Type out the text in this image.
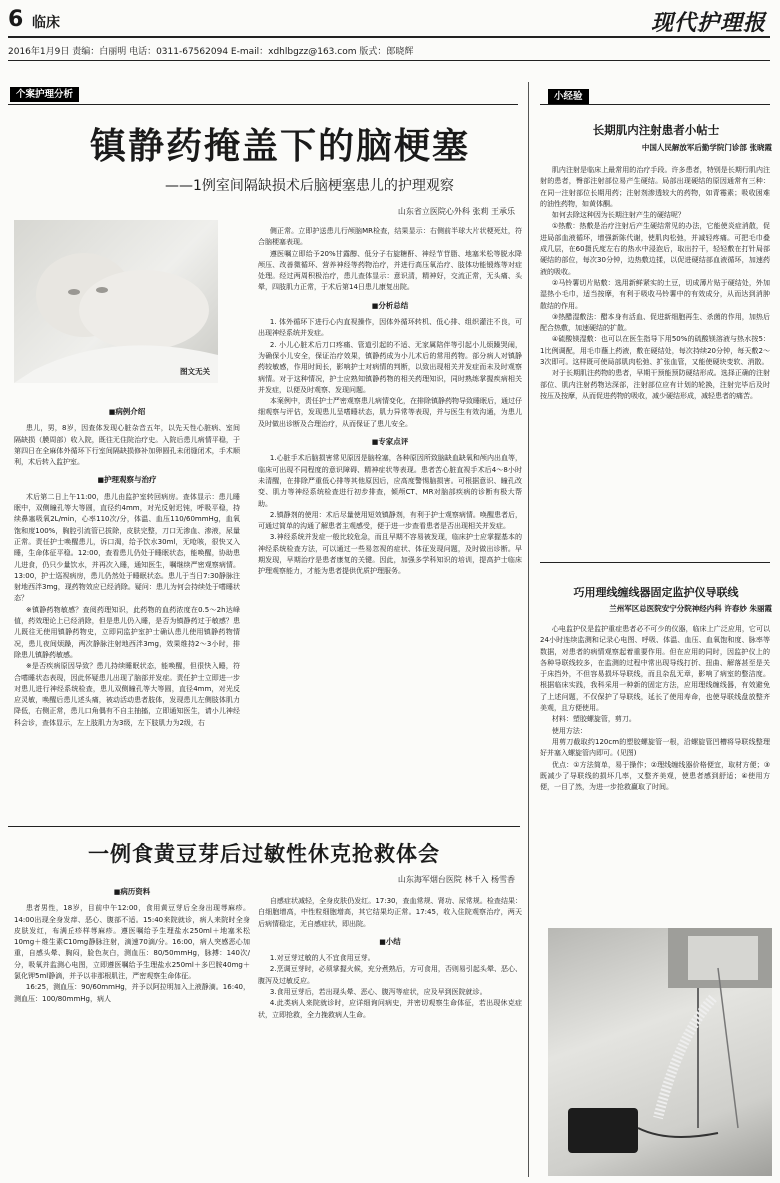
6 临床	现代护理报
2016年1月9日 责编：白丽明 电话：0311-67562094 E-mail：xdhlbgzz@163.com 版式：郎晓辉
个案护理分析	小经验
镇静药掩盖下的脑梗塞
——1例室间隔缺损术后脑梗塞患儿的护理观察
山东省立医院心外科 张莉 王承乐
图文无关
■ 病例介绍

患儿，男，8岁，因查体发现心脏杂音五年，以先天性心脏病、室间隔缺损（膜周部）收入院，既往无住院治疗史。入院后患儿病情平稳，于第四日在全麻体外循环下行室间隔缺损修补加卵圆孔未闭缝闭术，手术顺利，术后转入监护室。

■ 护理观察与治疗

术后第二日上午11:00，患儿由监护室转回病房。查体显示：患儿睡眠中，双侧瞳孔等大等圆，直径约4mm，对光反射迟钝，呼吸平稳，持续鼻塞吸氧2L/min，心率110次/分，体温、血压110/60mmHg，血氧饱和度100%，胸腔引流管已拔除，皮肤完整，刀口无渗血、渗液，尿量正常。责任护士唤醒患儿，诉口渴，给予饮水30ml，无呛咳，很快又入睡，生命体征平稳。12:00，查看患儿仍处于睡眠状态，能唤醒，协助患儿进食，仍只少量饮水，并再次入睡，通知医生，嘱继续严密观察病情。13:00，护士巡视病房，患儿仍然处于睡眠状态。患儿于当日7:30静脉注射地西泮3mg，现药物效应已经消除。疑问：患儿为何会持续处于嗜睡状态？

※镇静药物敏感？查阅药理知识，此药物的血药浓度在0.5～2h达峰值，药效理论上已经消除，但是患儿仍入睡，是否为镇静药过于敏感？患儿既往无使用镇静药物史，立即同监护室护士确认患儿使用镇静药物情况，患儿夜间烦躁，两次静脉注射地西泮3mg，效果维持2～3小时，排除患儿镇静药敏感。

※是否疾病原因导致？患儿持续睡眠状态，能唤醒，但很快入睡，符合嗜睡状态表现，因此怀疑患儿出现了脑部并发症。责任护士立即进一步对患儿进行神经系统检查，患儿双侧瞳孔等大等圆，直径4mm，对光反应灵敏，唤醒后患儿述头痛，被动活动患者肢体，发现患儿左侧肢体肌力降低，右侧正常，患儿口角偶有不自主抽搐，立即通知医生，请小儿神经科会诊，查体显示，左上肢肌力为3级，左下肢肌力为2级，右

侧正常。立即护送患儿行颅脑MR检查，结果显示：右侧前半球大片状梗死灶，符合脑梗塞表现。

遵医嘱立即给予20%甘露醇、低分子右旋糖酐、神经节苷脂、地塞米松等脱水降颅压、改善微循环、营养神经等药物治疗，并进行高压氧治疗、肢体功能锻炼等对症处理。经过两周积极治疗，患儿查体显示：意识清，精神好，交流正常，无头痛、头晕，四肢肌力正常，于术后第14日患儿康复出院。

■ 分析总结

1. 体外循环下进行心内直视操作，因体外循环转机、低心排、组织灌注不良，可出现神经系统并发症。

2. 小儿心脏术后刀口疼痛、管道引起的不适、无家属陪伴等引起小儿烦躁哭闹，为确保小儿安全，保证治疗效果，镇静药成为小儿术后的常用药物。部分病人对镇静药较敏感，作用时间长，影响护士对病情的判断，以致出现相关并发症而未及时观察病情。对于这种情况，护士应熟知镇静药物的相关药理知识，同时熟练掌握疾病相关并发症，以便及时观察、发现问题。

本案例中，责任护士严密观察患儿病情变化，在排除镇静药物导致睡眠后，通过仔细观察与评估，发现患儿呈嗜睡状态，肌力异常等表现，并与医生有效沟通，为患儿及时做出诊断及合理治疗，从而保证了患儿安全。

■ 专家点评

1.心脏手术后脑损害常见原因是脑栓塞，各种原因所致脑缺血缺氧和颅内出血等，临床可出现不同程度的意识障碍、精神症状等表现。患者苦心脏直视手术后4～8小时未清醒，在排除严重低心排等其他原因后，应高度警惕脑损害。可根据意识、瞳孔改变、肌力等神经系统检查进行初步排查，倾颅CT、MR对脑部疾病的诊断有极大帮助。

2.镇静剂的使用：术后尽量使用短效镇静剂，有利于护士观察病情。唤醒患者后，可通过简单的沟通了解患者主观感受，便于进一步查看患者是否出现相关并发症。

3.神经系统并发症一般比较危急，而且早期不容易被发现，临床护士应掌握基本的神经系统检查方法，可以通过一些易忽视的症状、体征发现问题，及时做出诊断。早期发现，早期治疗是患者康复的关键。因此，加强多学科知识的培训，提高护士临床护理观察能力，才能为患者提供优质护理服务。

一例食黄豆芽后过敏性休克抢救体会
山东海军烟台医院 林千入 杨雪香
■ 病历资料

患者男性，18岁，目前中午12:00，食用黄豆芽后全身出现荨麻疹。14:00出现全身发痒、恶心、腹部不适。15:40来院就诊，病人来院时全身皮肤发红，布满丘疹样荨麻疹。遵医嘱给予生理盐水250ml＋地塞米松10mg＋维生素C10mg静脉注射，滴速70滴/分。16:00，病人突感恶心加重，自感头晕、胸闷，脸色灰白，测血压：80/50mmHg，脉搏：140次/分，吸氧并监测心电图，立即遵医嘱给予生理盐水250ml＋多巴胺40mg＋氯化钾5ml静滴，并予以非那根肌注，严密观察生命体征。

16:25，测血压：90/60mmHg，并予以阿拉明加入上液静滴。16:40，测血压：100/80mmHg，病人

自感症状减轻，全身皮肤仍发红。17:30，查血常规、肾功、尿常规。检查结果：白细胞增高，中性粒细胞增高，其它结果均正常。17:45，收入住院观察治疗，两天后病情稳定，无自感症状，即出院。

■ 小结

1.对豆芽过敏的人不宜食用豆芽。

2.烹调豆芽时，必须掌握火候，充分煮熟后，方可食用，否则易引起头晕、恶心、腹泻及过敏反应。

3.食用豆芽后，若出现头晕、恶心、腹泻等症状，应及早到医院就诊。

4.此类病人来院就诊时，应详细询问病史，并密切观察生命体征，若出现休克症状，立即抢救，全力挽救病人生命。

长期肌内注射患者小帖士
中国人民解放军后勤学院门诊部 张晓霞

肌内注射是临床上最常用的治疗手段。许多患者，特别是长期行肌内注射的患者，臀部注射部位易产生硬结。局部出现硬结的原因通常有三种：在同一注射部位长期用药；注射剂渗透较大的药物，如青霉素；吸收困难的油性药物，如黄体酮。

如何去除这种因为长期注射产生的硬结呢？

①热敷：热敷是治疗注射后产生硬结常见的办法，它能使炎症消散，促进局部血液循环，增强新陈代谢，使肌肉松弛，并减轻疼痛。可把毛巾叠成几层，在60摄氏度左右的热水中浸泡后，取出拧干，轻轻敷在打针局部硬结的部位，每次30分钟，边热敷边揉，以促进硬结部血液循环，加速药液的吸收。

②马铃薯切片贴敷：选用新鲜紧实的土豆，切成薄片贴于硬结处，外加湿热小毛巾，适当按摩，有利于吸收马铃薯中的有效成分，从而达到消肿散结的作用。

③热醋湿敷法：醋本身有活血、促进新细胞再生、杀菌的作用，加热后配合热敷，加速硬结的扩散。

④硫酸镁湿敷：也可以在医生指导下用50%的硫酸镁溶液与热水按5：1比例调配，用毛巾蘸上药液，敷在硬结处，每次持续20分钟，每天敷2～3次即可。这样既可使局部肌肉松弛、扩张血管，又能使硬块变软、消散。

对于长期肌注药物的患者，早期干预能预防硬结形成。选择正确的注射部位、肌内注射药物达深部，注射部位应有计划的轮换，注射完毕后及时按压及按摩，从而促进药物的吸收，减少硬结形成，减轻患者的痛苦。

巧用理线缠线器固定监护仪导联线
兰州军区总医院安宁分院神经内科 许春妙 朱丽霞

心电监护仪是监护重症患者必不可少的仪器，临床上广泛应用，它可以24小时连续监测和记录心电图、呼吸、体温、血压、血氧饱和度、脉率等数据，对患者的病情观察起着重要作用。但在应用的同时，因监护仪上的各种导联线较多，在监测的过程中常出现导线打折、扭曲、解落甚至是关于床挡外，不但容易损坏导联线，而且杂乱无章，影响了病室的整洁度。根据临床实践，我科采用一种新的固定方法，应用理线缠线器，有效避免了上述问题，不仅保护了导联线，延长了使用寿命，也使导联线盘放整齐美观，且方便使用。

材料：塑胶螺旋管，剪刀。

使用方法：

用剪刀截取约120cm的塑胶螺旋管一根，沿螺旋管凹槽将导联线整理好并塞入螺旋管内即可。(见图)

优点：①方法简单，易于操作；②理线缠线器价格便宜，取材方便；③既减少了导联线的损坏几率，又整齐美观，使患者感到舒适；④使用方便，一目了然，为进一步抢救赢取了时间。
